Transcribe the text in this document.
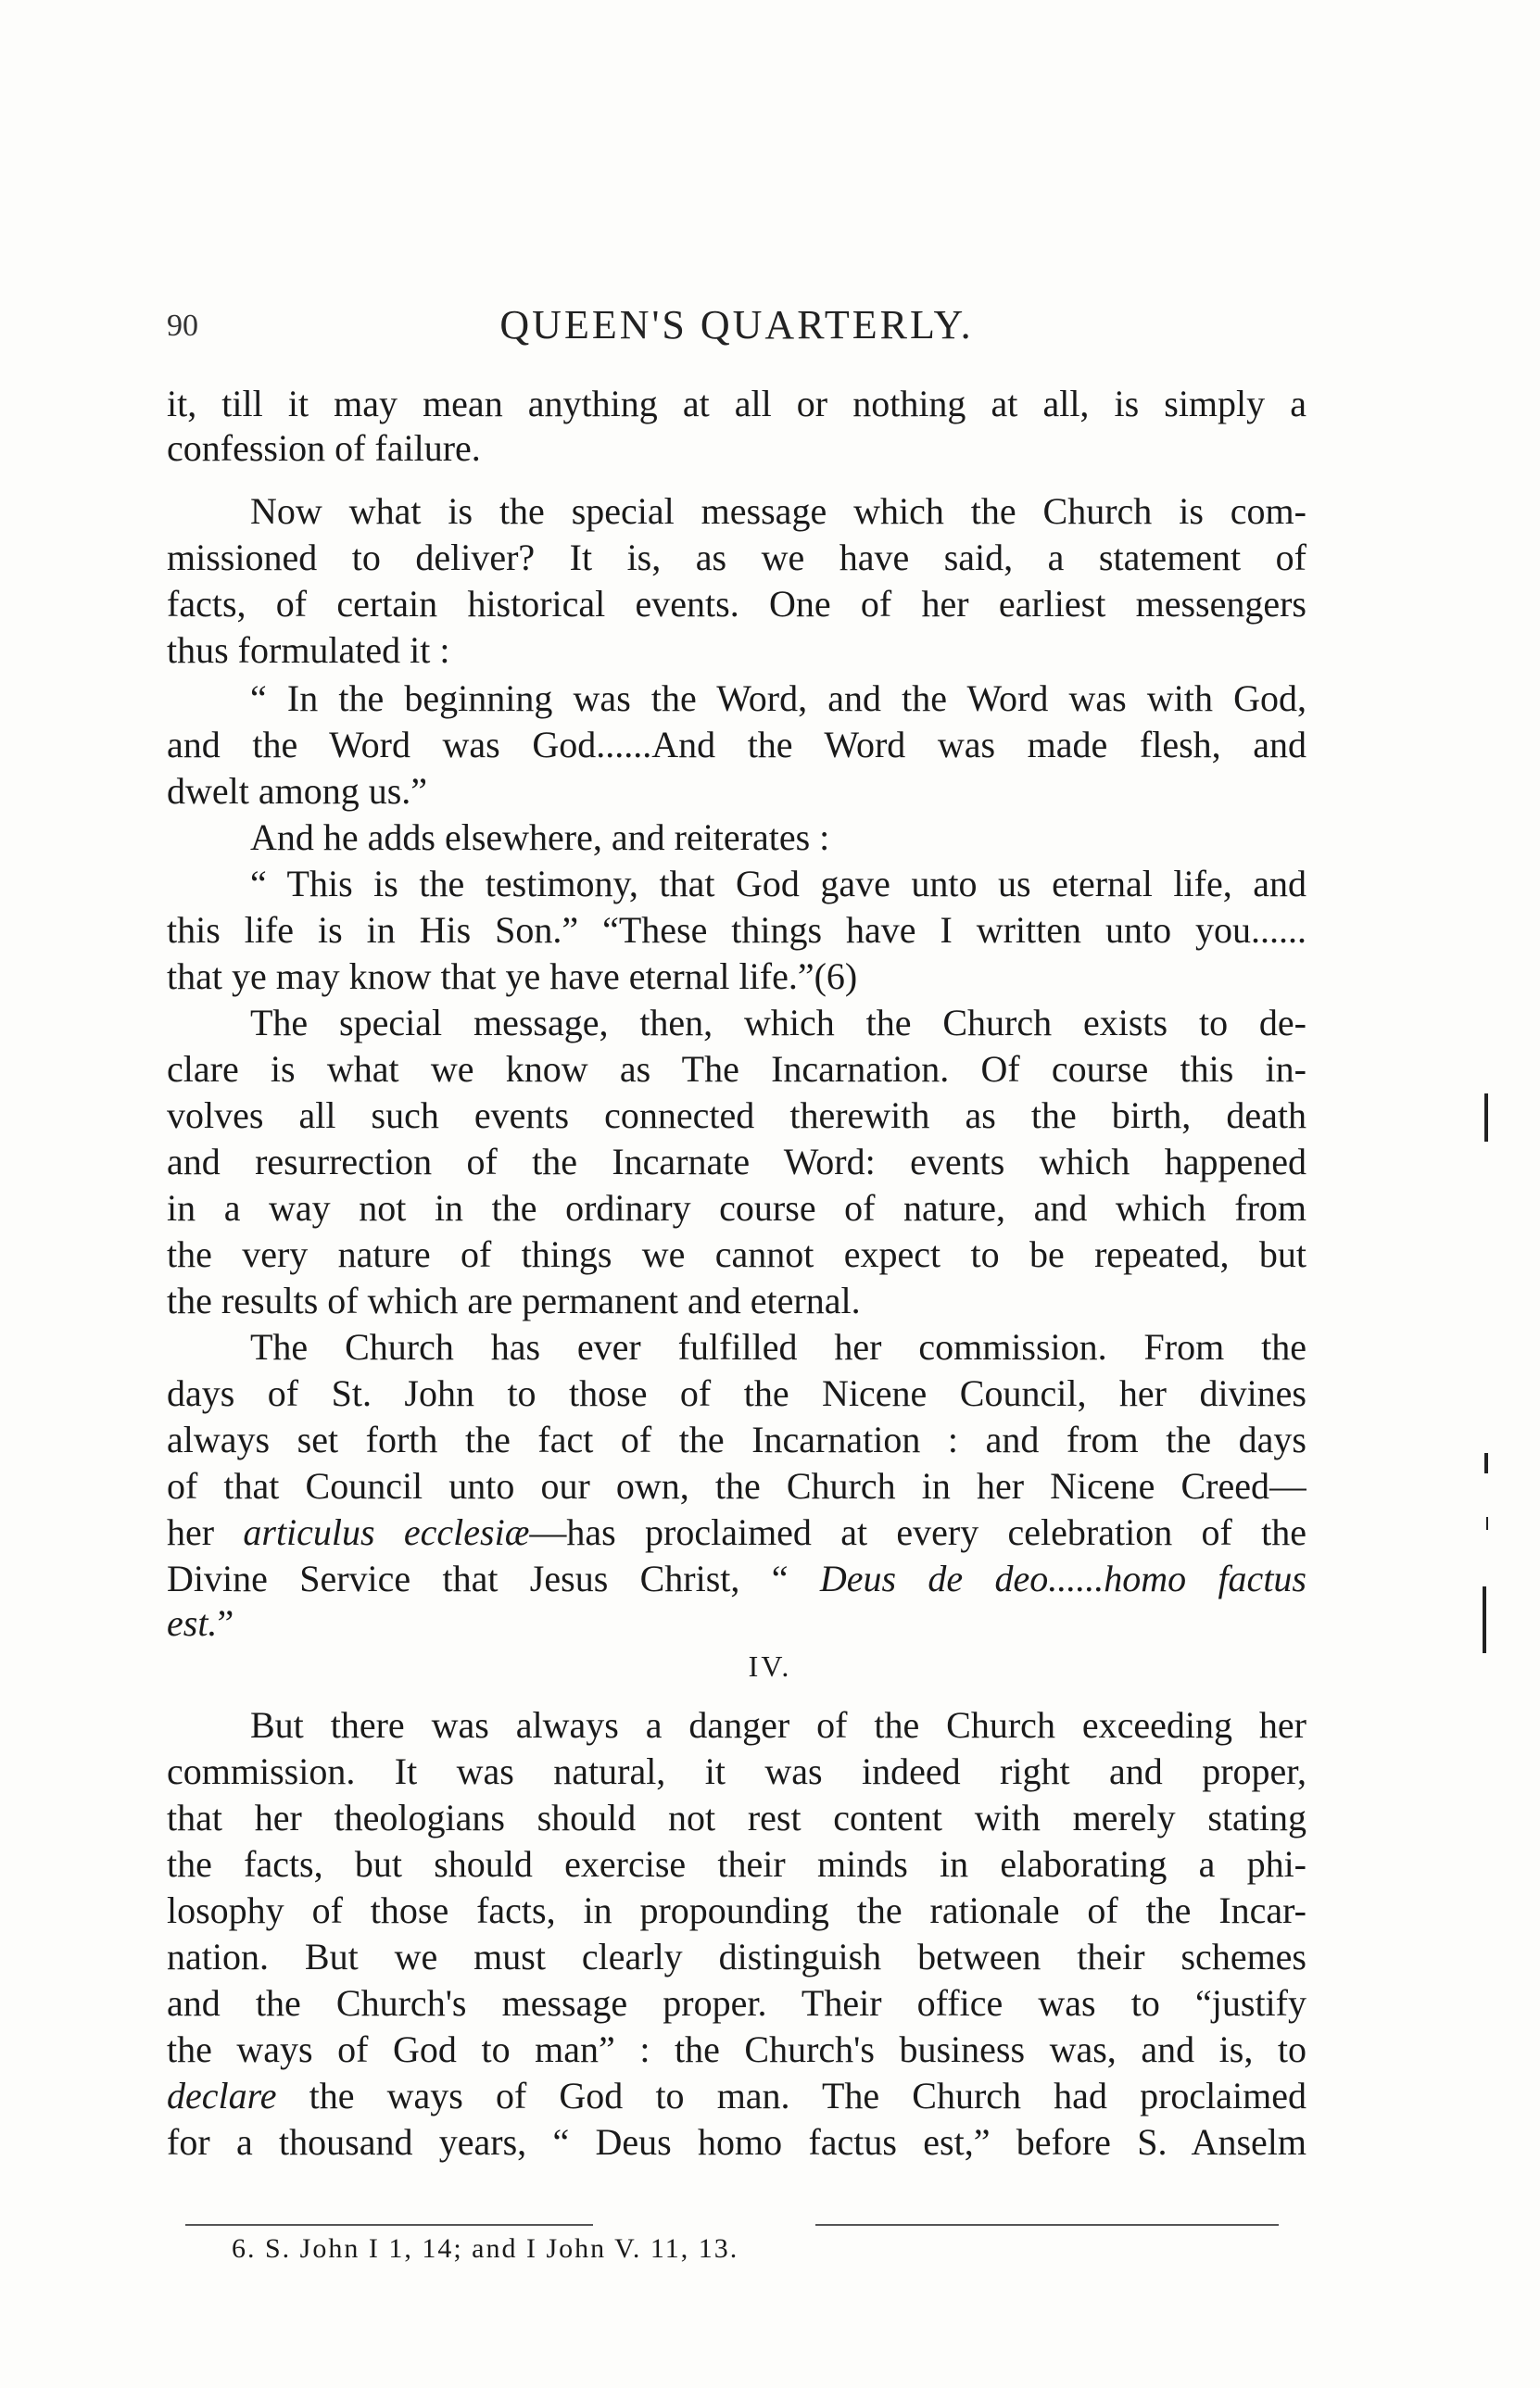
90	QUEEN'S QUARTERLY.
it, till it may mean anything at all or nothing at all, is simply a
confession of failure.
Now what is the special message which the Church is com-
missioned to deliver? It is, as we have said, a statement of
facts, of certain historical events. One of her earliest messengers
thus formulated it :
“ In the beginning was the Word, and the Word was with God,
and the Word was God......And the Word was made flesh, and
dwelt among us.”
And he adds elsewhere, and reiterates :
“ This is the testimony, that God gave unto us eternal life, and
this life is in His Son.” “These things have I written unto you......
that ye may know that ye have eternal life.”(6)
The special message, then, which the Church exists to de-
clare is what we know as The Incarnation. Of course this in-
volves all such events connected therewith as the birth, death
and resurrection of the Incarnate Word: events which happened
in a way not in the ordinary course of nature, and which from
the very nature of things we cannot expect to be repeated, but
the results of which are permanent and eternal.
The Church has ever fulfilled her commission. From the
days of St. John to those of the Nicene Council, her divines
always set forth the fact of the Incarnation : and from the days
of that Council unto our own, the Church in her Nicene Creed—
her articulus ecclesiæ—has proclaimed at every celebration of the
Divine Service that Jesus Christ, “ Deus de deo......homo factus
est.”
IV.
But there was always a danger of the Church exceeding her
commission. It was natural, it was indeed right and proper,
that her theologians should not rest content with merely stating
the facts, but should exercise their minds in elaborating a phi-
losophy of those facts, in propounding the rationale of the Incar-
nation. But we must clearly distinguish between their schemes
and the Church's message proper. Their office was to “justify
the ways of God to man” : the Church's business was, and is, to
declare the ways of God to man. The Church had proclaimed
for a thousand years, “ Deus homo factus est,” before S. Anselm
6. S. John I 1, 14; and I John V. 11, 13.
